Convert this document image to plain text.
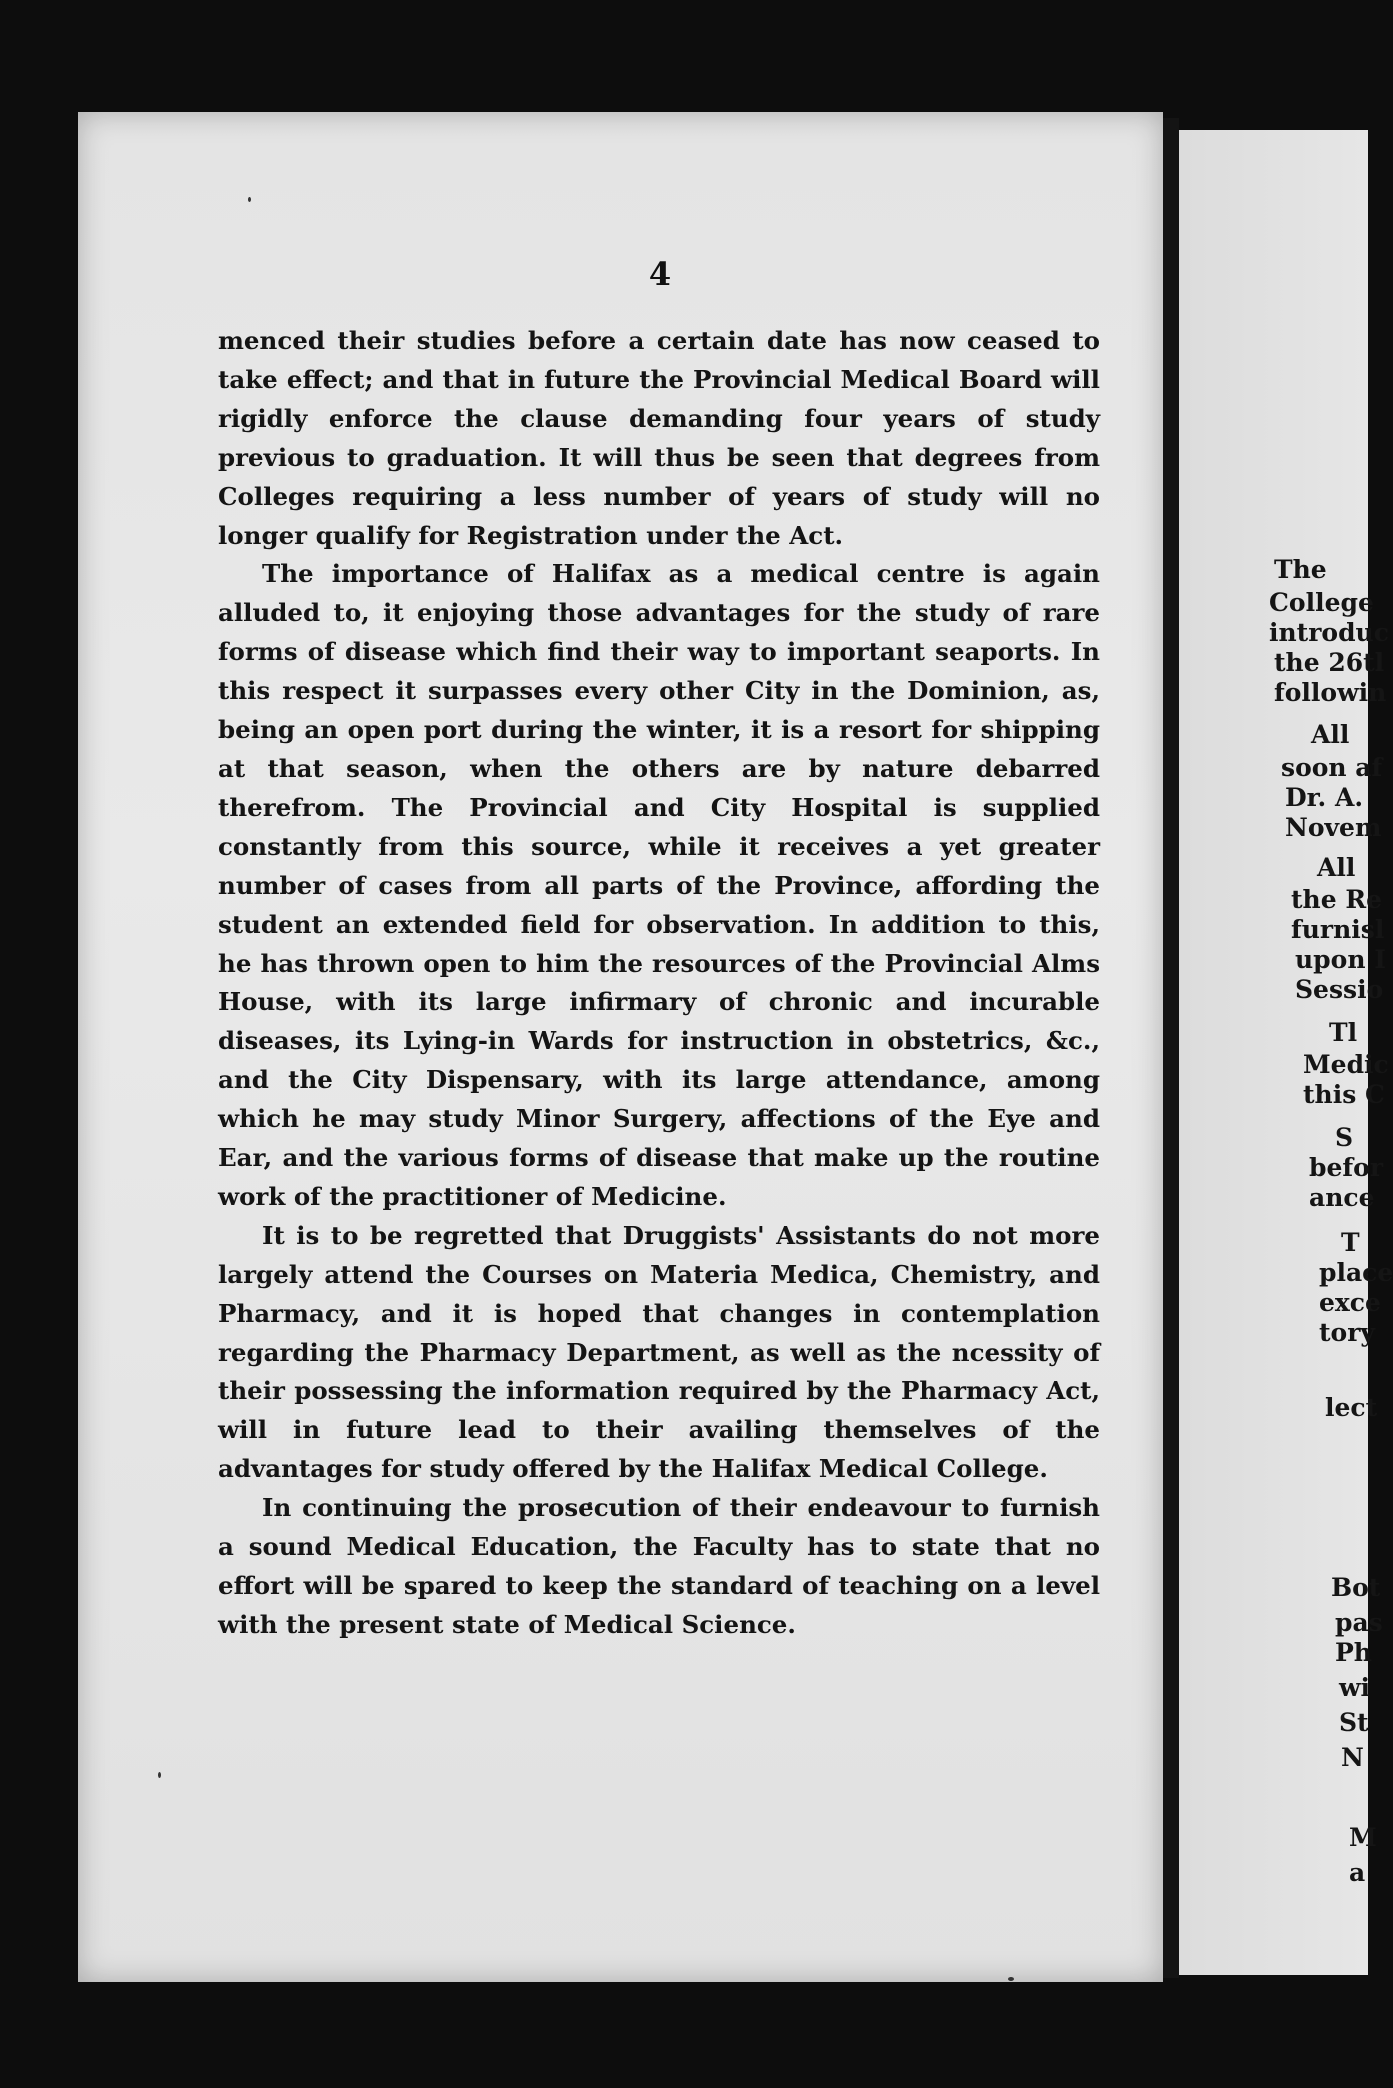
4

menced their studies before a certain date has now ceased to take effect; and that in future the Provincial Medical Board will rigidly enforce the clause demanding four years of study previous to graduation. It will thus be seen that degrees from Colleges requiring a less number of years of study will no longer qualify for Registration under the Act.

The importance of Halifax as a medical centre is again alluded to, it enjoying those advantages for the study of rare forms of disease which find their way to important seaports. In this respect it surpasses every other City in the Dominion, as, being an open port during the winter, it is a resort for shipping at that season, when the others are by nature debarred therefrom. The Provincial and City Hospital is supplied constantly from this source, while it receives a yet greater number of cases from all parts of the Province, affording the student an extended field for observation. In addition to this, he has thrown open to him the resources of the Provincial Alms House, with its large infirmary of chronic and incurable diseases, its Lying-in Wards for instruction in obstetrics, &c., and the City Dispensary, with its large attendance, among which he may study Minor Surgery, affections of the Eye and Ear, and the various forms of disease that make up the routine work of the practitioner of Medicine.

It is to be regretted that Druggists' Assistants do not more largely attend the Courses on Materia Medica, Chemistry, and Pharmacy, and it is hoped that changes in contemplation regarding the Pharmacy Department, as well as the ncessity of their possessing the information required by the Pharmacy Act, will in future lead to their availing themselves of the advantages for study offered by the Halifax Medical College.

In continuing the prosecution of their endeavour to furnish a sound Medical Education, the Faculty has to state that no effort will be spared to keep the standard of teaching on a level with the present state of Medical Science.

The
College
introduc
the 26tl
followin
All
soon af
Dr. A.
Novem
All
the Re
furnisl
upon I
Sessio
Tl
Medic
this C
S
befor
ance
T
place
exce
tory
lect
Bot
pas
Ph
wi
St
N
M
a
